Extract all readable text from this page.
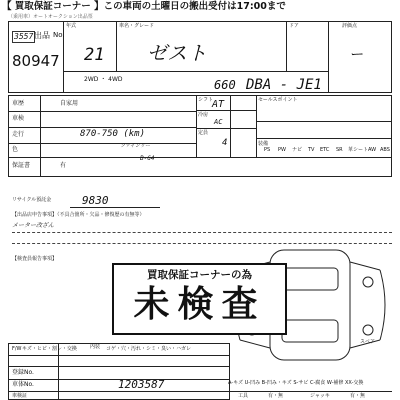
【 買取保証コーナー 】この車両の土曜日の搬出受付は17:00まで
（乗用車）オートオークション出品票
出品 No.
3557
80947
年式	車名・グレード	ドア	評価点
21 ゼスト	ー
2WD ・ 4WD	660 DBA - JE1
車歴	自家用
車検
走行	870-750 (km)
色	ファインリー
B-64
保証書	有
シフト
AT
冷房
AC
定員
4
セールスポイント
装備
PS PW ナビ TV ETC SR 革シート AW ABS
リサイクル預託金	9830
【出品店申告事項】（不具合箇所・欠品・修復歴の有無等）
メーター改ざん
【検査員報告事項】
スペア
買取保証コーナーの為
未検査
A-キズ U-凹み B-凹み・キズ S-サビ C-腐食 W-補修 XX-交換
F/W キズ・ヒビ・割レ・交換	内装 コゲ・穴・汚れ・シミ・臭い・ハガレ
登録No.
車体No.	1203587
車検証	工具	有・無	ジャッキ	有・無
